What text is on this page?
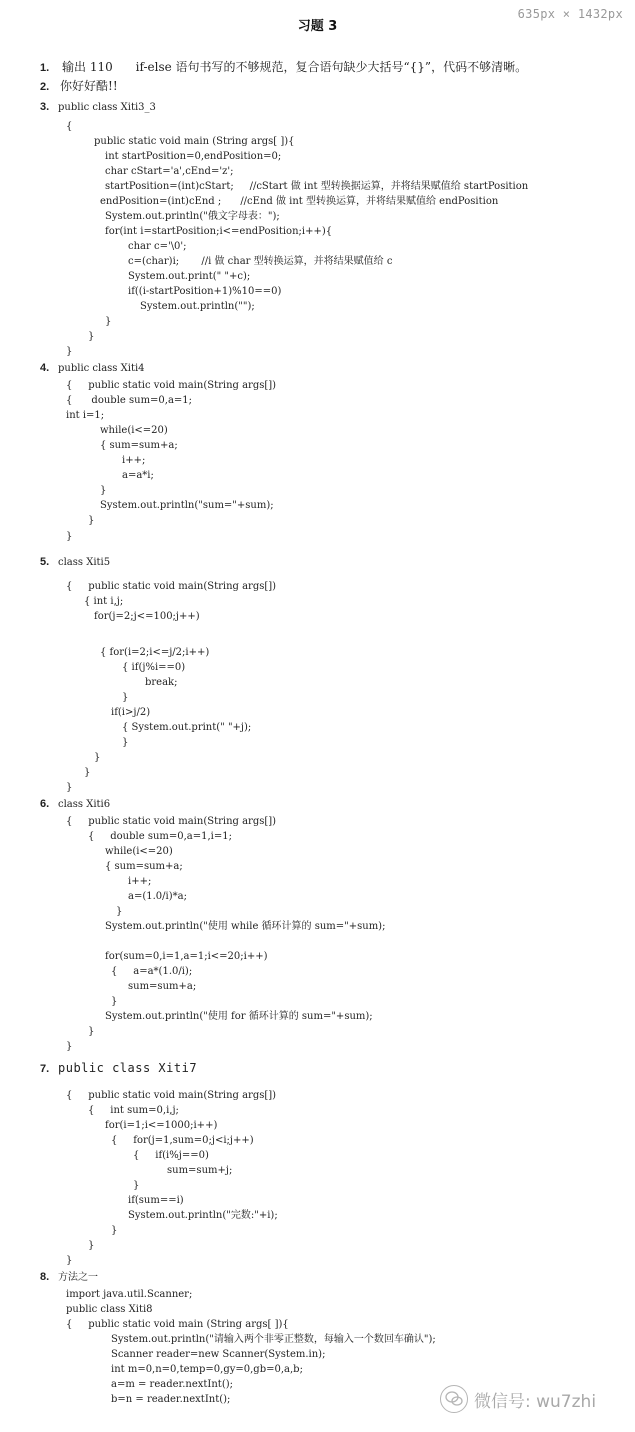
635px × 1432px
习题 3
1. 输出 110      if-else 语句书写的不够规范，复合语句缺少大括号“{}”，代码不够清晰。
2. 你好好酷!!
3. public class Xiti3_3
{
public static void main (String args[ ]){
int startPosition=0,endPosition=0;
char cStart='a',cEnd='z';
startPosition=(int)cStart;     //cStart 做 int 型转换据运算，并将结果赋值给 startPosition
endPosition=(int)cEnd ;      //cEnd 做 int 型转换运算，并将结果赋值给 endPosition
System.out.println("俄文字母表：");
for(int i=startPosition;i<=endPosition;i++){
char c='\0';
c=(char)i;       //i 做 char 型转换运算，并将结果赋值给 c
System.out.print(" "+c);
if((i-startPosition+1)%10==0)
System.out.println("");
}
}
}
4. public class Xiti4
{     public static void main(String args[])
{      double sum=0,a=1;
int i=1;
while(i<=20)
{ sum=sum+a;
i++;
a=a*i;
}
System.out.println("sum="+sum);
}
}
5. class Xiti5
{     public static void main(String args[])
{ int i,j;
for(j=2;j<=100;j++)
{ for(i=2;i<=j/2;i++)
{ if(j%i==0)
break;
}
if(i>j/2)
{ System.out.print(" "+j);
}
}
}
}
6. class Xiti6
{     public static void main(String args[])
{     double sum=0,a=1,i=1;
while(i<=20)
{ sum=sum+a;
i++;
a=(1.0/i)*a;
}
System.out.println("使用 while 循环计算的 sum="+sum);
for(sum=0,i=1,a=1;i<=20;i++)
{     a=a*(1.0/i);
sum=sum+a;
}
System.out.println("使用 for 循环计算的 sum="+sum);
}
}
7. public class Xiti7
{     public static void main(String args[])
{     int sum=0,i,j;
for(i=1;i<=1000;i++)
{     for(j=1,sum=0;j<i;j++)
{     if(i%j==0)
sum=sum+j;
}
if(sum==i)
System.out.println("完数:"+i);
}
}
}
8. 方法之一
import java.util.Scanner;
public class Xiti8
{     public static void main (String args[ ]){
System.out.println("请输入两个非零正整数，每输入一个数回车确认");
Scanner reader=new Scanner(System.in);
int m=0,n=0,temp=0,gy=0,gb=0,a,b;
a=m = reader.nextInt();
b=n = reader.nextInt();	微信号: wu7zhi
